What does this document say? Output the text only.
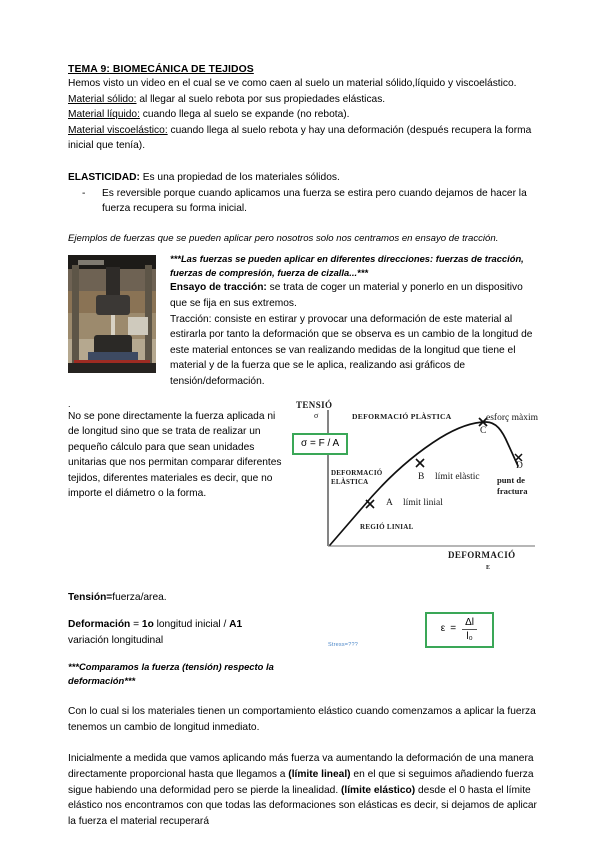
TEMA 9: BIOMECÁNICA DE TEJIDOS
Hemos visto un video en el cual se ve como caen al suelo un material sólido,líquido y viscoelástico.
Material sólido: al llegar al suelo rebota por sus propiedades elásticas.
Material líquido: cuando llega al suelo se expande (no rebota).
Material viscoelástico: cuando llega al suelo rebota y hay una deformación (después recupera la forma inicial que tenía).
ELASTICIDAD: Es una propiedad de los materiales sólidos.
-	Es reversible porque cuando aplicamos una fuerza se estira pero cuando dejamos de hacer la fuerza recupera su forma inicial.
Ejemplos de fuerzas que se pueden aplicar pero nosotros solo nos centramos en ensayo de tracción.
***Las fuerzas se pueden aplicar en diferentes direcciones: fuerzas de tracción, fuerzas de compresión, fuerza de cizalla...***
Ensayo de tracción: se trata de coger un material y ponerlo en un dispositivo que se fija en sus extremos.
Tracción: consiste en estirar y provocar una deformación de este material al estirarla por tanto la deformación que se observa es un cambio de la longitud de este material entonces se van realizando medidas de la longitud que tiene el material y de la fuerza que se le aplica, realizando asi gráficos de tensión/deformación.
.
No se pone directamente la fuerza aplicada ni de longitud sino que se trata de realizar un pequeño cálculo para que sean unidades unitarias que nos permitan comparar diferentes tejidos, diferentes materiales es decir, que no importe el diámetro o la forma.
TENSIÓ
σ
σ = F / A
DEFORMACIÓ PLÀSTICA
DEFORMACIÓ
ELÀSTICA
REGIÓ LINIAL
A límit linial
B límit elàstic
esforç màxim
C
D
punt de fractura
DEFORMACIÓ
ε
Tensión=fuerza/area.
Deformación = 1o longitud inicial / A1
variación longitudinal
***Comparamos la fuerza (tensión) respecto la deformación***
Stress=???
$\varepsilon = \frac{\Delta l}{\text{l₀}}$
Con lo cual si los materiales tienen un comportamiento elástico cuando comenzamos a aplicar la fuerza tenemos un cambio de longitud inmediato.
Inicialmente a medida que vamos aplicando más fuerza va aumentando la deformación de una manera directamente proporcional hasta que llegamos a (límite lineal) en el que si seguimos añadiendo fuerza sigue habiendo una deformidad pero se pierde la linealidad. (límite elástico) desde el 0 hasta el límite elástico nos encontramos con que todas las deformaciones son elásticas es decir, si dejamos de aplicar la fuerza el material recuperará
